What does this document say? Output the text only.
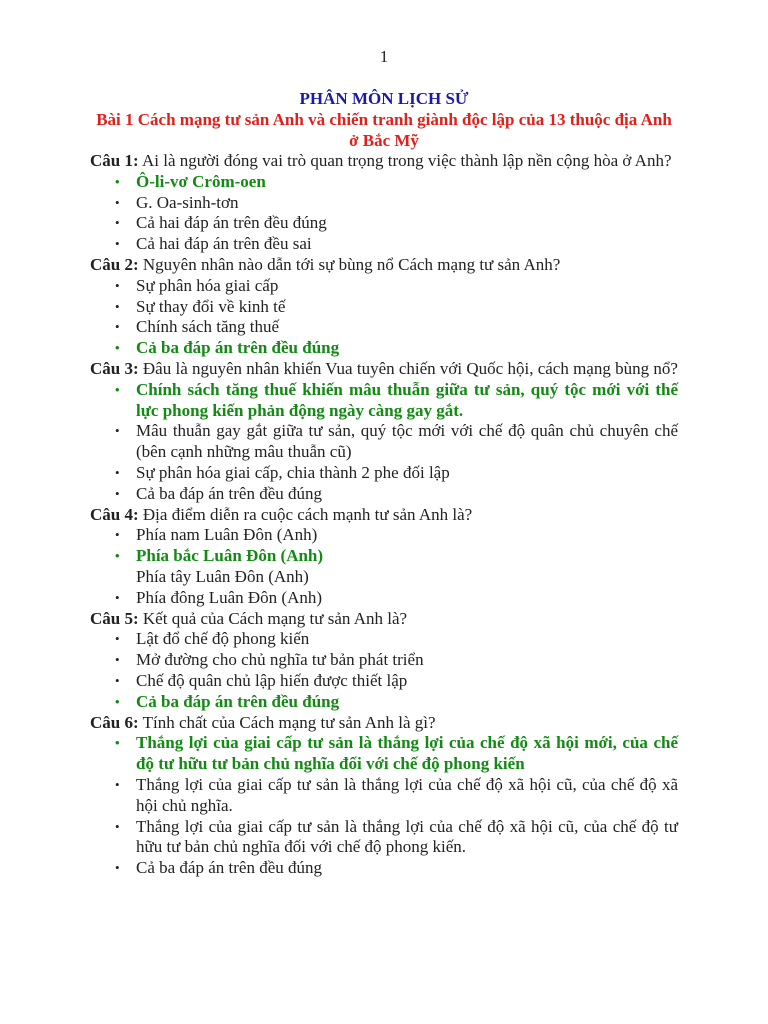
1
PHÂN MÔN LỊCH SỬ
Bài 1 Cách mạng tư sản Anh và chiến tranh giành độc lập của 13 thuộc địa Anh ở Bắc Mỹ
Câu 1: Ai là người đóng vai trò quan trọng trong việc thành lập nền cộng hòa ở Anh?
• Ô-li-vơ Crôm-oen
• G. Oa-sinh-tơn
• Cả hai đáp án trên đều đúng
• Cả hai đáp án trên đều sai
Câu 2: Nguyên nhân nào dẫn tới sự bùng nổ Cách mạng tư sản Anh?
• Sự phân hóa giai cấp
• Sự thay đổi về kinh tế
• Chính sách tăng thuế
• Cả ba đáp án trên đều đúng
Câu 3: Đâu là nguyên nhân khiến Vua tuyên chiến với Quốc hội, cách mạng bùng nổ?
• Chính sách tăng thuế khiến mâu thuẫn giữa tư sản, quý tộc mới với thế lực phong kiến phản động ngày càng gay gắt.
• Mâu thuẫn gay gắt giữa tư sản, quý tộc mới với chế độ quân chủ chuyên chế (bên cạnh những mâu thuẫn cũ)
• Sự phân hóa giai cấp, chia thành 2 phe đối lập
• Cả ba đáp án trên đều đúng
Câu 4: Địa điểm diễn ra cuộc cách mạnh tư sản Anh là?
• Phía nam Luân Đôn (Anh)
• Phía bắc Luân Đôn (Anh)
Phía tây Luân Đôn (Anh)
• Phía đông Luân Đôn (Anh)
Câu 5: Kết quả của Cách mạng tư sản Anh là?
• Lật đổ chế độ phong kiến
• Mở đường cho chủ nghĩa tư bản phát triển
• Chế độ quân chủ lập hiến được thiết lập
• Cả ba đáp án trên đều đúng
Câu 6: Tính chất của Cách mạng tư sản Anh là gì?
• Thắng lợi của giai cấp tư sản là thắng lợi của chế độ xã hội mới, của chế độ tư hữu tư bản chủ nghĩa đối với chế độ phong kiến
• Thắng lợi của giai cấp tư sản là thắng lợi của chế độ xã hội cũ, của chế độ xã hội chủ nghĩa.
• Thắng lợi của giai cấp tư sản là thắng lợi của chế độ xã hội cũ, của chế độ tư hữu tư bản chủ nghĩa đối với chế độ phong kiến.
• Cả ba đáp án trên đều đúng
